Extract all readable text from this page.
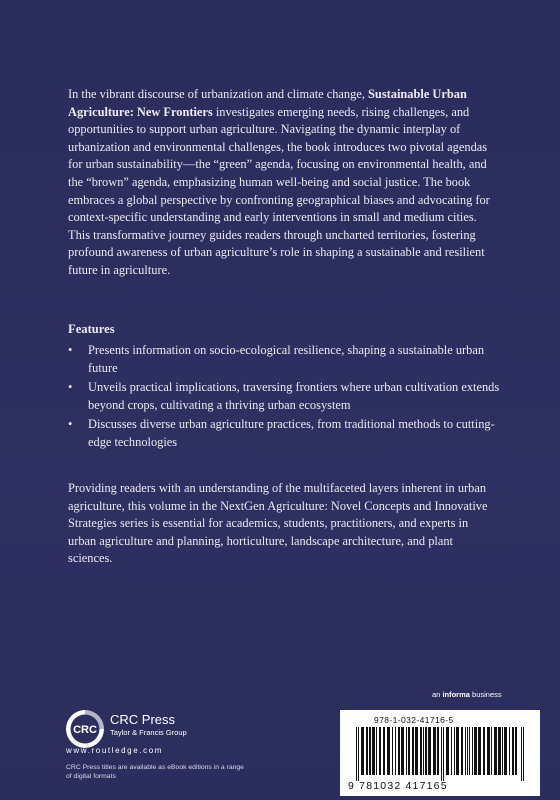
In the vibrant discourse of urbanization and climate change, Sustainable Urban Agriculture: New Frontiers investigates emerging needs, rising challenges, and opportunities to support urban agriculture. Navigating the dynamic interplay of urbanization and environmental challenges, the book introduces two pivotal agendas for urban sustainability—the “green” agenda, focusing on environmental health, and the “brown” agenda, emphasizing human well-being and social justice. The book embraces a global perspective by confronting geographical biases and advocating for context-specific understanding and early interventions in small and medium cities. This transformative journey guides readers through uncharted territories, fostering profound awareness of urban agriculture’s role in shaping a sustainable and resilient future in agriculture.

Features

• Presents information on socio-ecological resilience, shaping a sustainable urban future
• Unveils practical implications, traversing frontiers where urban cultivation extends beyond crops, cultivating a thriving urban ecosystem
• Discusses diverse urban agriculture practices, from traditional methods to cutting-edge technologies

Providing readers with an understanding of the multifaceted layers inherent in urban agriculture, this volume in the NextGen Agriculture: Novel Concepts and Innovative Strategies series is essential for academics, students, practitioners, and experts in urban agriculture and planning, horticulture, landscape architecture, and plant sciences.

an informa business
CRC
CRC Press
Taylor & Francis Group
www.routledge.com
CRC Press titles are available as eBook editions in a range of digital formats
978-1-032-41716-5
9 781032 417165
